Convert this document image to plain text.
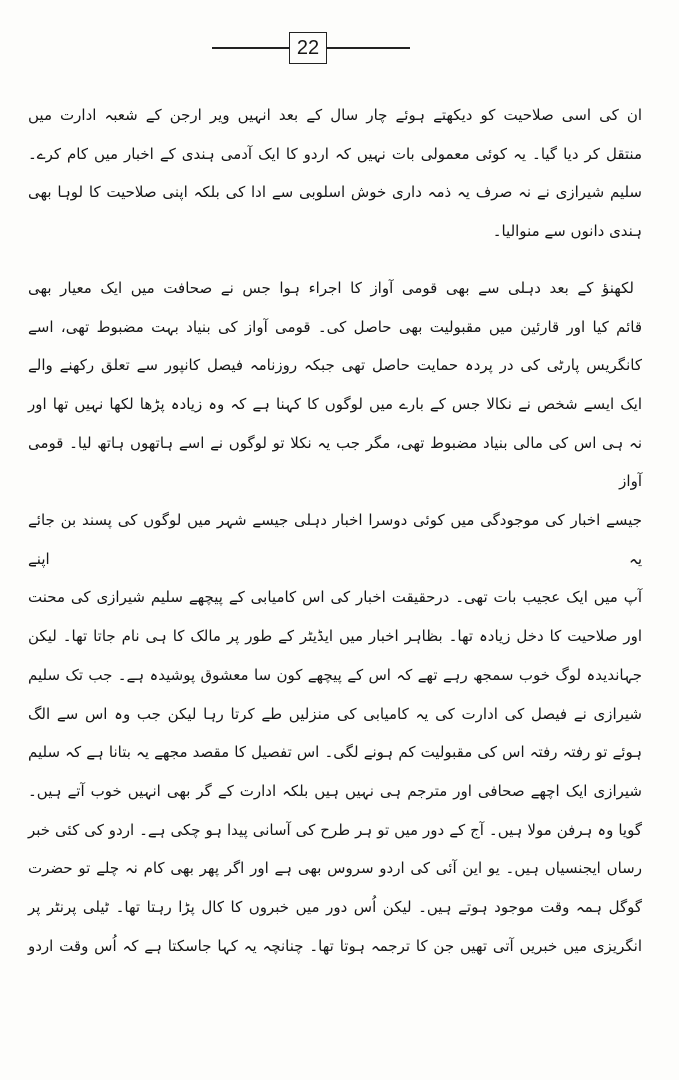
22
ان کی اسی صلاحیت کو دیکھتے ہوئے چار سال کے بعد انہیں ویر ارجن کے شعبہ ادارت میں
منتقل کر دیا گیا۔ یہ کوئی معمولی بات نہیں کہ اردو کا ایک آدمی ہندی کے اخبار میں کام کرے۔
سلیم شیرازی نے نہ صرف یہ ذمہ داری خوش اسلوبی سے ادا کی بلکہ اپنی صلاحیت کا لوہا بھی
ہندی دانوں سے منوالیا۔
لکھنؤ کے بعد دہلی سے بھی قومی آواز کا اجراء ہوا جس نے صحافت میں ایک معیار بھی
قائم کیا اور قارئین میں مقبولیت بھی حاصل کی۔ قومی آواز کی بنیاد بہت مضبوط تھی، اسے
کانگریس پارٹی کی در پردہ حمایت حاصل تھی جبکہ روزنامہ فیصل کانپور سے تعلق رکھنے والے
ایک ایسے شخص نے نکالا جس کے بارے میں لوگوں کا کہنا ہے کہ وہ زیادہ پڑھا لکھا نہیں تھا اور
نہ ہی اس کی مالی بنیاد مضبوط تھی، مگر جب یہ نکلا تو لوگوں نے اسے ہاتھوں ہاتھ لیا۔ قومی آواز
جیسے اخبار کی موجودگی میں کوئی دوسرا اخبار دہلی جیسے شہر میں لوگوں کی پسند بن جائے یہ اپنے
آپ میں ایک عجیب بات تھی۔ درحقیقت اخبار کی اس کامیابی کے پیچھے سلیم شیرازی کی محنت
اور صلاحیت کا دخل زیادہ تھا۔ بظاہر اخبار میں ایڈیٹر کے طور پر مالک کا ہی نام جاتا تھا۔ لیکن
جہاندیدہ لوگ خوب سمجھ رہے تھے کہ اس کے پیچھے کون سا معشوق پوشیدہ ہے۔ جب تک سلیم
شیرازی نے فیصل کی ادارت کی یہ کامیابی کی منزلیں طے کرتا رہا لیکن جب وہ اس سے الگ
ہوئے تو رفتہ رفتہ اس کی مقبولیت کم ہونے لگی۔ اس تفصیل کا مقصد مجھے یہ بتانا ہے کہ سلیم
شیرازی ایک اچھے صحافی اور مترجم ہی نہیں ہیں بلکہ ادارت کے گر بھی انہیں خوب آتے ہیں۔
گویا وہ ہرفن مولا ہیں۔ آج کے دور میں تو ہر طرح کی آسانی پیدا ہو چکی ہے۔ اردو کی کئی خبر
رساں ایجنسیاں ہیں۔ یو این آئی کی اردو سروس بھی ہے اور اگر پھر بھی کام نہ چلے تو حضرت
گوگل ہمہ وقت موجود ہوتے ہیں۔ لیکن اُس دور میں خبروں کا کال پڑا رہتا تھا۔ ٹیلی پرنٹر پر
انگریزی میں خبریں آتی تھیں جن کا ترجمہ ہوتا تھا۔ چنانچہ یہ کہا جاسکتا ہے کہ اُس وقت اردو
